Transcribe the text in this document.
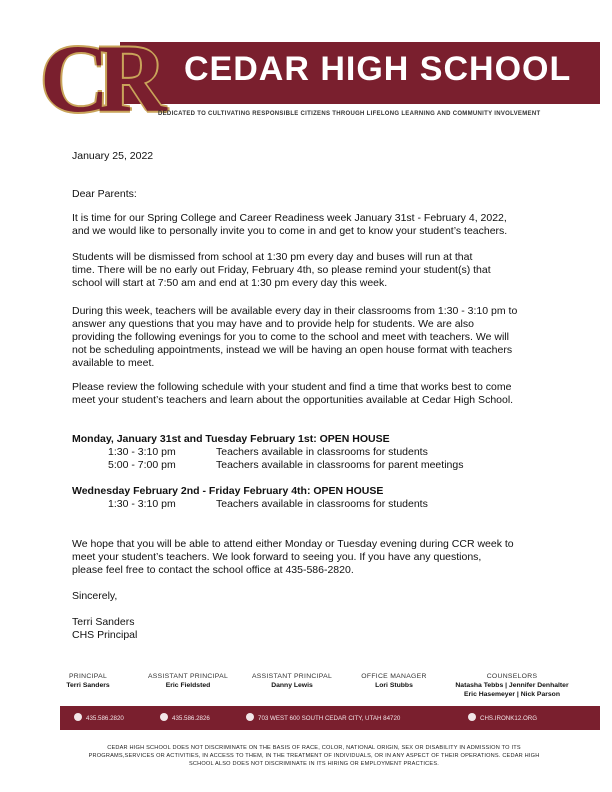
CR CEDAR HIGH SCHOOL
DEDICATED TO CULTIVATING RESPONSIBLE CITIZENS THROUGH LIFELONG LEARNING AND COMMUNITY INVOLVEMENT
January 25, 2022
Dear Parents:
It is time for our Spring College and Career Readiness week January 31st - February 4, 2022,
and we would like to personally invite you to come in and get to know your student’s teachers.
Students will be dismissed from school at 1:30 pm every day and buses will run at that
time. There will be no early out Friday, February 4th, so please remind your student(s) that
school will start at 7:50 am and end at 1:30 pm every day this week.
During this week, teachers will be available every day in their classrooms from 1:30 - 3:10 pm to
answer any questions that you may have and to provide help for students. We are also
providing the following evenings for you to come to the school and meet with teachers. We will
not be scheduling appointments, instead we will be having an open house format with teachers
available to meet.
Please review the following schedule with your student and find a time that works best to come
meet your student’s teachers and learn about the opportunities available at Cedar High School.
Monday, January 31st and Tuesday February 1st: OPEN HOUSE
1:30 - 3:10 pm	Teachers available in classrooms for students
5:00 - 7:00 pm	Teachers available in classrooms for parent meetings
Wednesday February 2nd - Friday February 4th: OPEN HOUSE
1:30 - 3:10 pm	Teachers available in classrooms for students
We hope that you will be able to attend either Monday or Tuesday evening during CCR week to
meet your student’s teachers. We look forward to seeing you. If you have any questions,
please feel free to contact the school office at 435-586-2820.
Sincerely,
Terri Sanders
CHS Principal
PRINCIPAL
Terri Sanders
ASSISTANT PRINCIPAL
Eric Fieldsted
ASSISTANT PRINCIPAL
Danny Lewis
OFFICE MANAGER
Lori Stubbs
COUNSELORS
Natasha Tebbs | Jennifer Denhalter
Eric Hasemeyer | Nick Parson
435.586.2820	435.586.2826	703 WEST 600 SOUTH CEDAR CITY, UTAH 84720	CHS.IRONK12.ORG
CEDAR HIGH SCHOOL DOES NOT DISCRIMINATE ON THE BASIS OF RACE, COLOR, NATIONAL ORIGIN, SEX OR DISABILITY IN ADMISSION TO ITS PROGRAMS,SERVICES OR ACTIVITIES, IN ACCESS TO THEM, IN THE TREATMENT OF INDIVIDUALS, OR IN ANY ASPECT OF THEIR OPERATIONS. CEDAR HIGH SCHOOL ALSO DOES NOT DISCRIMINATE IN ITS HIRING OR EMPLOYMENT PRACTICES.
